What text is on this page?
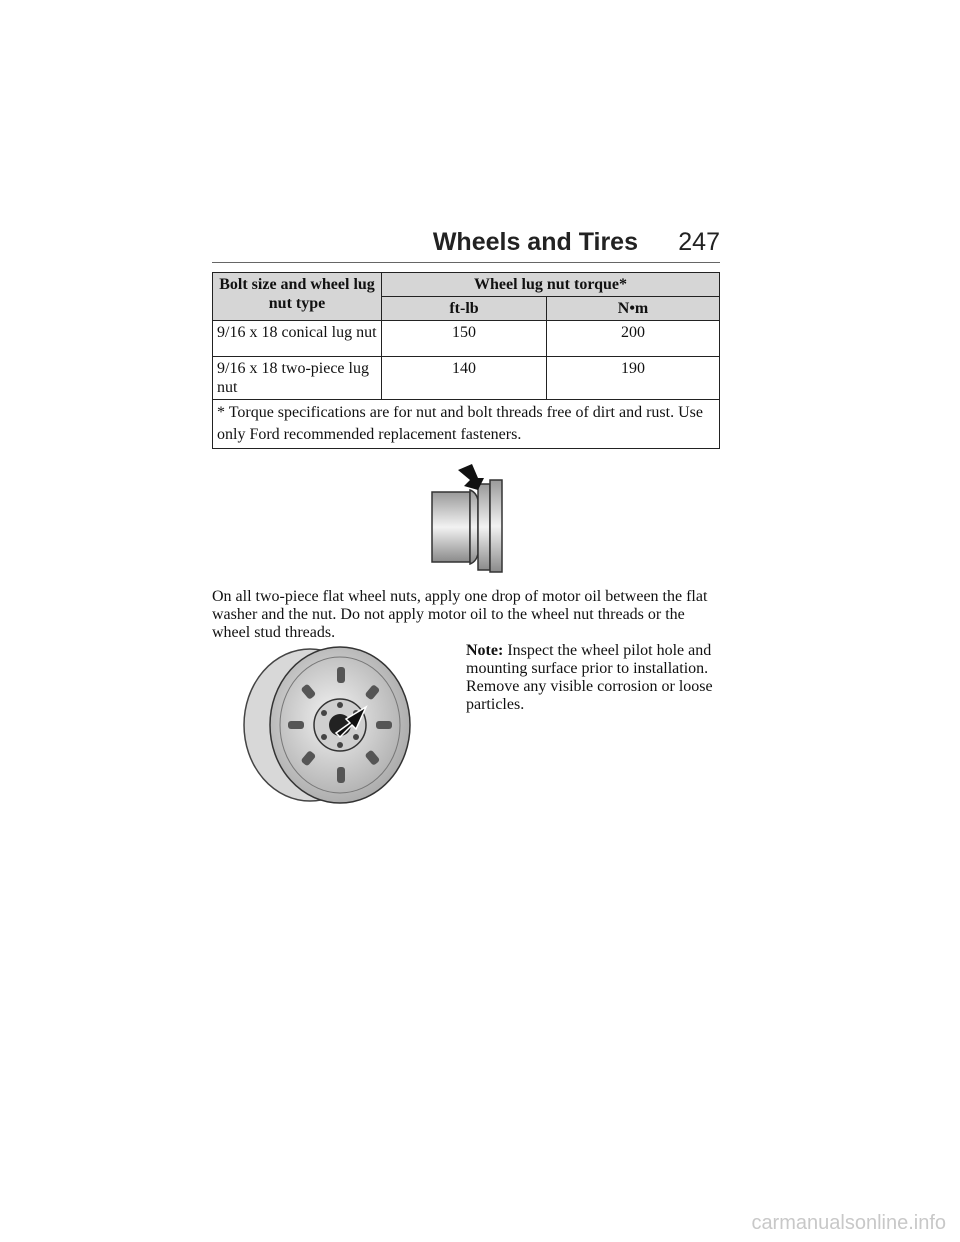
Wheels and Tires 247
Bolt size and wheel lug nut type	Wheel lug nut torque*	
	ft-lb	N•m
9/16 x 18 conical lug nut	150	200
9/16 x 18 two-piece lug nut	140	190
* Torque specifications are for nut and bolt threads free of dirt and rust. Use only Ford recommended replacement fasteners.		

On all two-piece flat wheel nuts, apply one drop of motor oil between the flat washer and the nut. Do not apply motor oil to the wheel nut threads or the wheel stud threads.

Note: Inspect the wheel pilot hole and mounting surface prior to installation. Remove any visible corrosion or loose particles.

carmanualsonline.info
